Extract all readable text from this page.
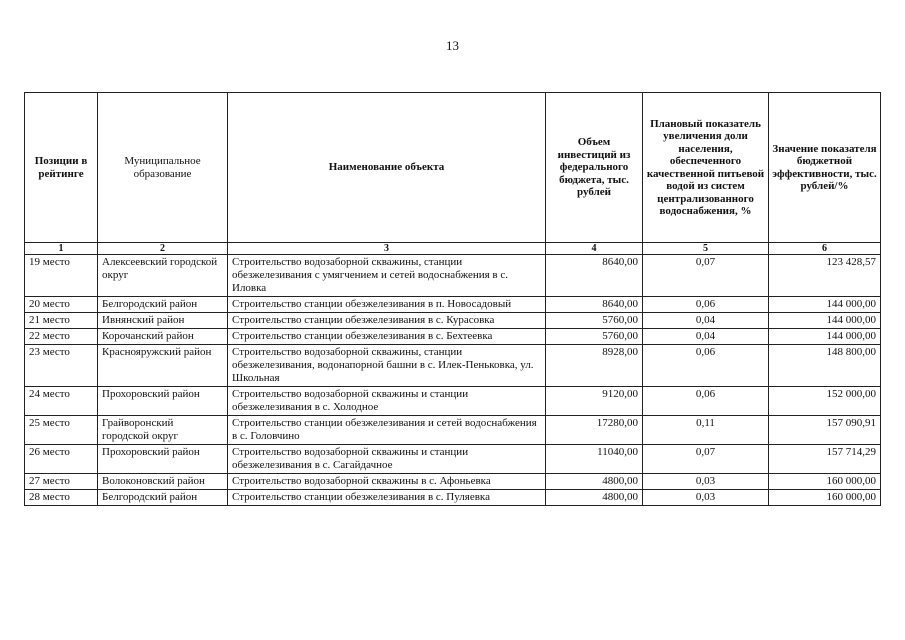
13
Позиции в рейтинге	Муниципальное образование	Наименование объекта	Объем инвестиций из федерального бюджета, тыс. рублей	Плановый показатель увеличения доли населения, обеспеченного качественной питьевой водой из систем централизованного водоснабжения, %	Значение показателя бюджетной эффективности, тыс. рублей/%
1	2	3	4	5	6
19 место	Алексеевский городской округ	Строительство водозаборной скважины, станции обезжелезивания с умягчением и сетей водоснабжения в с. Иловка	8640,00	0,07	123 428,57
20 место	Белгородский район	Строительство станции обезжелезивания в п. Новосадовый	8640,00	0,06	144 000,00
21 место	Ивнянский район	Строительство станции обезжелезивания в с. Курасовка	5760,00	0,04	144 000,00
22 место	Корочанский район	Строительство станции обезжелезивания в с. Бехтеевка	5760,00	0,04	144 000,00
23 место	Краснояружский район	Строительство водозаборной скважины, станции обезжелезивания, водонапорной башни в с. Илек-Пеньковка, ул. Школьная	8928,00	0,06	148 800,00
24 место	Прохоровский район	Строительство водозаборной скважины и станции обезжелезивания в с. Холодное	9120,00	0,06	152 000,00
25 место	Грайворонский городской округ	Строительство станции обезжелезивания и сетей водоснабжения в с. Головчино	17280,00	0,11	157 090,91
26 место	Прохоровский район	Строительство водозаборной скважины и станции обезжелезивания в с. Сагайдачное	11040,00	0,07	157 714,29
27 место	Волоконовский район	Строительство водозаборной скважины в с. Афоньевка	4800,00	0,03	160 000,00
28 место	Белгородский район	Строительство станции обезжелезивания в с. Пуляевка	4800,00	0,03	160 000,00
